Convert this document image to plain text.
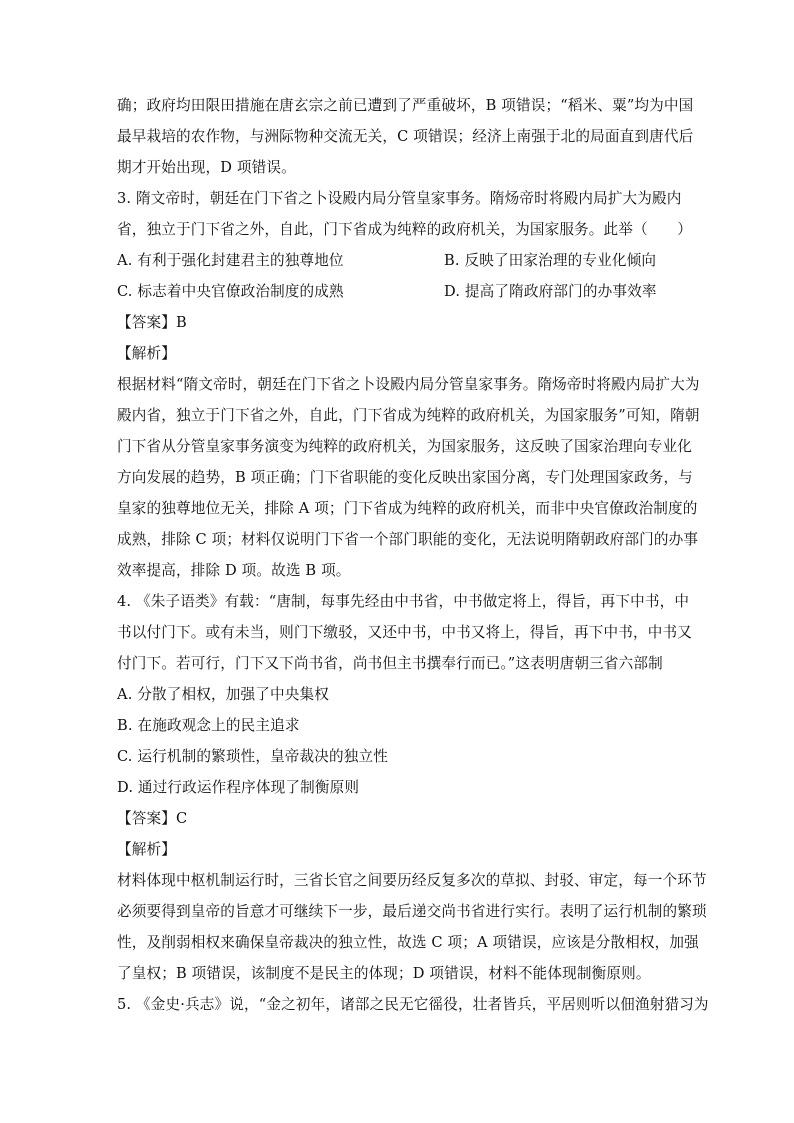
确；政府均田限田措施在唐玄宗之前已遭到了严重破坏，B 项错误；“稻米、粟”均为中国
最早栽培的农作物，与洲际物种交流无关，C 项错误；经济上南强于北的局面直到唐代后
期才开始出现，D 项错误。
3. 隋文帝时，朝廷在门下省之卜设殿内局分管皇家事务。隋炀帝时将殿内局扩大为殿内
省，独立于门下省之外，自此，门下省成为纯粹的政府机关，为国家服务。此举（　　）
A. 有利于强化封建君主的独尊地位	B. 反映了田家治理的专业化倾向
C. 标志着中央官僚政治制度的成熟	D. 提高了隋政府部门的办事效率
【答案】B
【解析】
根据材料“隋文帝时，朝廷在门下省之卜设殿内局分管皇家事务。隋炀帝时将殿内局扩大为
殿内省，独立于门下省之外，自此，门下省成为纯粹的政府机关，为国家服务”可知，隋朝
门下省从分管皇家事务演变为纯粹的政府机关，为国家服务，这反映了国家治理向专业化
方向发展的趋势，B 项正确；门下省职能的变化反映出家国分离，专门处理国家政务，与
皇家的独尊地位无关，排除 A 项；门下省成为纯粹的政府机关，而非中央官僚政治制度的
成熟，排除 C 项；材料仅说明门下省一个部门职能的变化，无法说明隋朝政府部门的办事
效率提高，排除 D 项。故选 B 项。
4. 《朱子语类》有载：“唐制，每事先经由中书省，中书做定将上，得旨，再下中书，中
书以付门下。或有未当，则门下缴驳，又还中书，中书又将上，得旨，再下中书，中书又
付门下。若可行，门下又下尚书省，尚书但主书撰奉行而已。”这表明唐朝三省六部制
A. 分散了相权，加强了中央集权
B. 在施政观念上的民主追求
C. 运行机制的繁琐性，皇帝裁决的独立性
D. 通过行政运作程序体现了制衡原则
【答案】C
【解析】
材料体现中枢机制运行时，三省长官之间要历经反复多次的草拟、封驳、审定，每一个环节
必须要得到皇帝的旨意才可继续下一步，最后递交尚书省进行实行。表明了运行机制的繁琐
性，及削弱相权来确保皇帝裁决的独立性，故选 C 项；A 项错误，应该是分散相权，加强
了皇权；B 项错误，该制度不是民主的体现；D 项错误，材料不能体现制衡原则。
5. 《金史·兵志》说，“金之初年，诸部之民无它徭役，壮者皆兵，平居则听以佃渔射猎习为
